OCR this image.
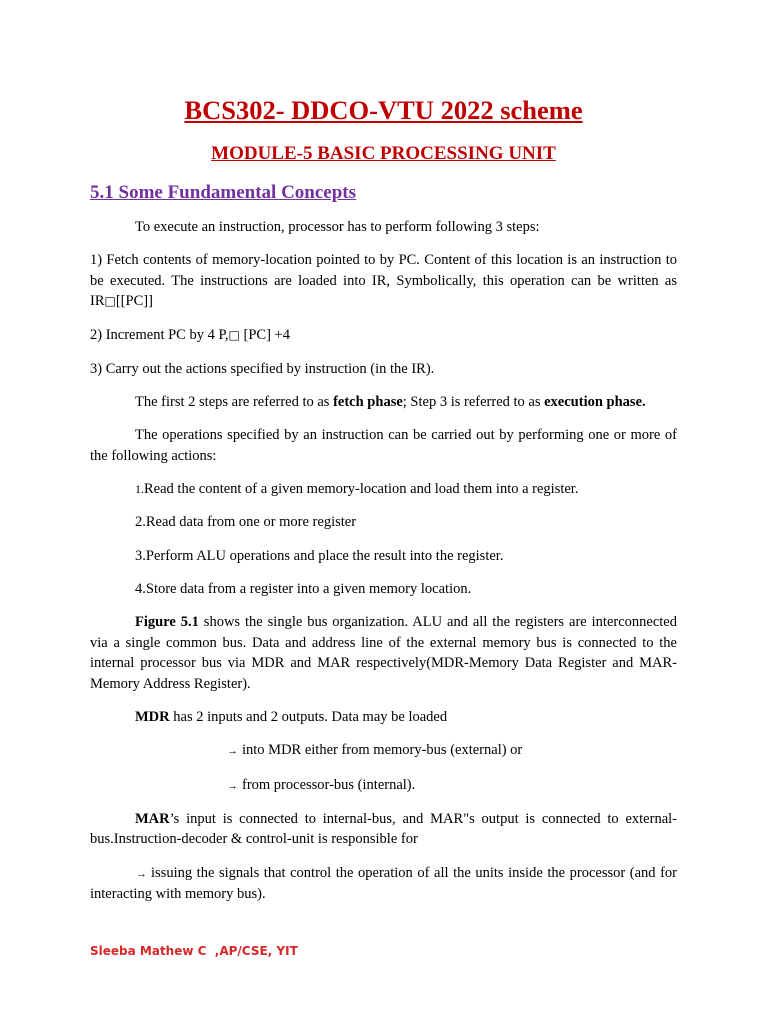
BCS302- DDCO-VTU 2022 scheme
MODULE-5 BASIC PROCESSING UNIT
5.1 Some Fundamental Concepts

To execute an instruction, processor has to perform following 3 steps:

1) Fetch contents of memory-location pointed to by PC. Content of this location is an instruction to be executed. The instructions are loaded into IR, Symbolically, this operation can be written as IR□[[PC]]

2) Increment PC by 4 P,□ [PC] +4

3) Carry out the actions specified by instruction (in the IR).

The first 2 steps are referred to as fetch phase; Step 3 is referred to as execution phase.

The operations specified by an instruction can be carried out by performing one or more of the following actions:

1.Read the content of a given memory-location and load them into a register.

2.Read data from one or more register

3.Perform ALU operations and place the result into the register.

4.Store data from a register into a given memory location.

Figure 5.1 shows the single bus organization. ALU and all the registers are interconnected via a single common bus. Data and address line of the external memory bus is connected to the internal processor bus via MDR and MAR respectively(MDR-Memory Data Register and MAR-Memory Address Register).

MDR has 2 inputs and 2 outputs. Data may be loaded

→ into MDR either from memory-bus (external) or

→ from processor-bus (internal).

MAR’s input is connected to internal-bus, and MAR"s output is connected to external-bus.Instruction-decoder & control-unit is responsible for

→ issuing the signals that control the operation of all the units inside the processor (and for interacting with memory bus).

Sleeba Mathew C  ,AP/CSE, YIT
